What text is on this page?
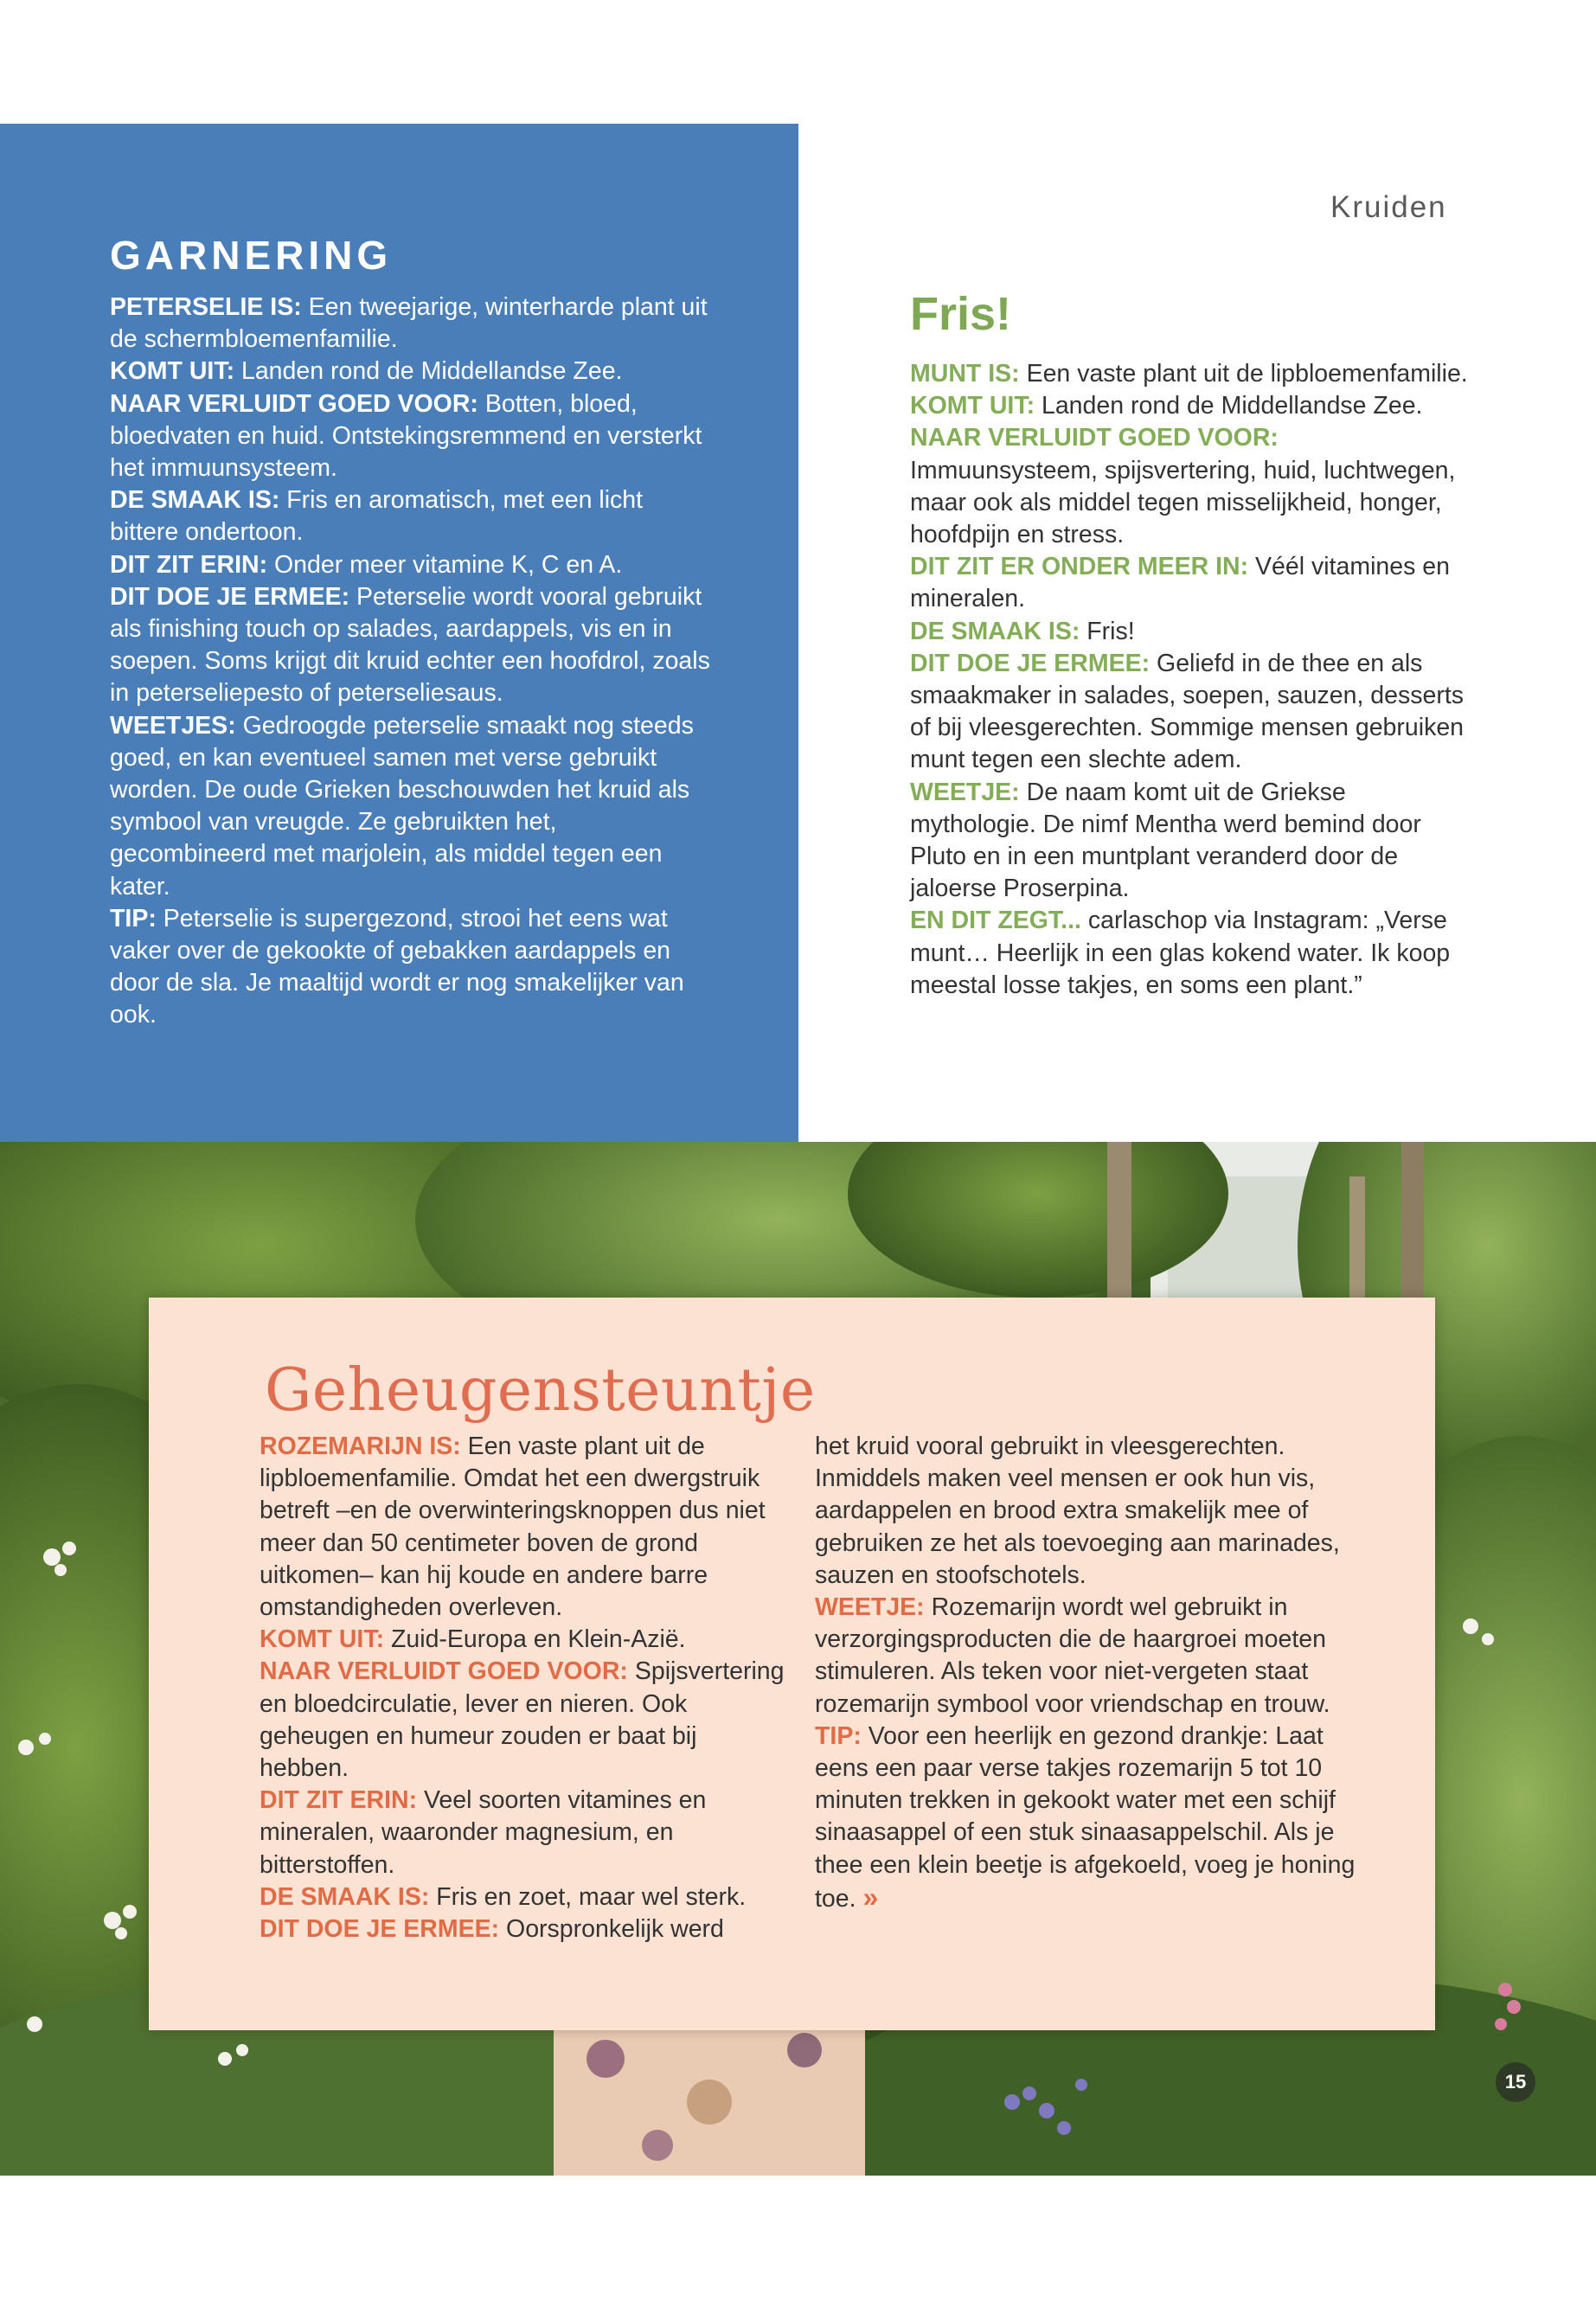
GARNERING
PETERSELIE IS: Een tweejarige, winterharde plant uit de schermbloemenfamilie.
KOMT UIT: Landen rond de Middellandse Zee.
NAAR VERLUIDT GOED VOOR: Botten, bloed, bloedvaten en huid. Ontstekingsremmend en versterkt het immuunsysteem.
DE SMAAK IS: Fris en aromatisch, met een licht bittere ondertoon.
DIT ZIT ERIN: Onder meer vitamine K, C en A.
DIT DOE JE ERMEE: Peterselie wordt vooral gebruikt als finishing touch op salades, aardappels, vis en in soepen. Soms krijgt dit kruid echter een hoofdrol, zoals in peterseliepesto of peterseliesaus.
WEETJES: Gedroogde peterselie smaakt nog steeds goed, en kan eventueel samen met verse gebruikt worden. De oude Grieken beschouwden het kruid als symbool van vreugde. Ze gebruikten het, gecombineerd met marjolein, als middel tegen een kater.
TIP: Peterselie is supergezond, strooi het eens wat vaker over de gekookte of gebakken aardappels en door de sla. Je maaltijd wordt er nog smakelijker van ook.
Kruiden
Fris!
MUNT IS: Een vaste plant uit de lipbloemenfamilie.
KOMT UIT: Landen rond de Middellandse Zee.
NAAR VERLUIDT GOED VOOR: Immuunsysteem, spijsvertering, huid, luchtwegen, maar ook als middel tegen misselijkheid, honger, hoofdpijn en stress.
DIT ZIT ER ONDER MEER IN: Véél vitamines en mineralen.
DE SMAAK IS: Fris!
DIT DOE JE ERMEE: Geliefd in de thee en als smaakmaker in salades, soepen, sauzen, desserts of bij vleesgerechten. Sommige mensen gebruiken munt tegen een slechte adem.
WEETJE: De naam komt uit de Griekse mythologie. De nimf Mentha werd bemind door Pluto en in een muntplant veranderd door de jaloerse Proserpina.
EN DIT ZEGT... carlaschop via Instagram: „Verse munt… Heerlijk in een glas kokend water. Ik koop meestal losse takjes, en soms een plant.”
Geheugensteuntje
ROZEMARIJN IS: Een vaste plant uit de lipbloemenfamilie. Omdat het een dwergstruik betreft –en de overwinteringsknoppen dus niet meer dan 50 centimeter boven de grond uitkomen– kan hij koude en andere barre omstandigheden overleven.
KOMT UIT: Zuid-Europa en Klein-Azië.
NAAR VERLUIDT GOED VOOR: Spijsvertering en bloedcirculatie, lever en nieren. Ook geheugen en humeur zouden er baat bij hebben.
DIT ZIT ERIN: Veel soorten vitamines en mineralen, waaronder magnesium, en bitterstoffen.
DE SMAAK IS: Fris en zoet, maar wel sterk.
DIT DOE JE ERMEE: Oorspronkelijk werd
het kruid vooral gebruikt in vleesgerechten. Inmiddels maken veel mensen er ook hun vis, aardappelen en brood extra smakelijk mee of gebruiken ze het als toevoeging aan marinades, sauzen en stoofschotels.
WEETJE: Rozemarijn wordt wel gebruikt in verzorgingsproducten die de haargroei moeten stimuleren. Als teken voor niet-vergeten staat rozemarijn symbool voor vriendschap en trouw.
TIP: Voor een heerlijk en gezond drankje: Laat eens een paar verse takjes rozemarijn 5 tot 10 minuten trekken in gekookt water met een schijf sinaasappel of een stuk sinaasappelschil. Als je thee een klein beetje is afgekoeld, voeg je honing toe. »
15
